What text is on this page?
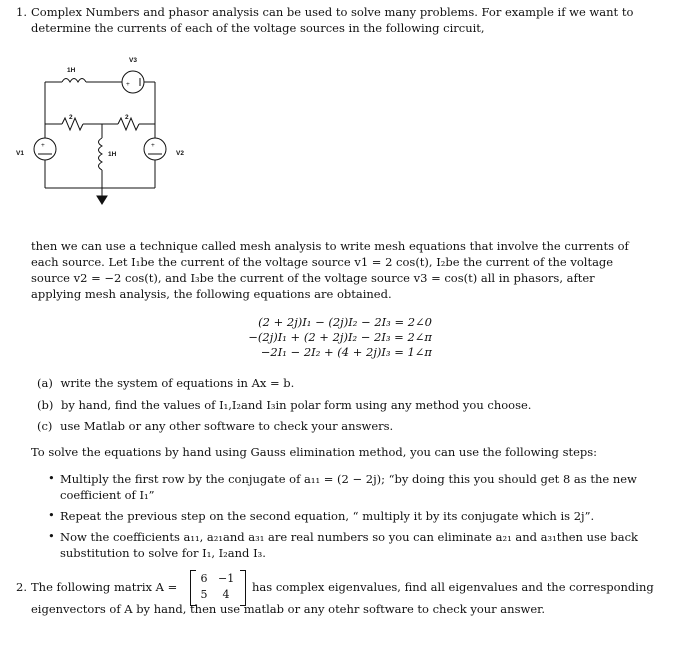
1. Complex Numbers and phasor analysis can be used to solve many problems. For example if we want to determine the currents of each of the voltage sources in the following circuit,
1H
V3
+
2	2
1H
V1
+
V2
+
then we can use a technique called mesh analysis to write mesh equations that involve the currents of each source. Let I₁be the current of the voltage source v1 = 2 cos(t), I₂be the current of the voltage source v2 = −2 cos(t), and I₃be the current of the voltage source v3 = cos(t) all in phasors, after applying mesh analysis, the following equations are obtained.
(2 + 2j)I₁ − (2j)I₂ − 2I₃ = 2∠0
−(2j)I₁ + (2 + 2j)I₂ − 2I₃ = 2∠π
−2I₁ − 2I₂ + (4 + 2j)I₃ = 1∠π
(a) write the system of equations in Ax = b.
(b) by hand, find the values of I₁,I₂and I₃in polar form using any method you choose.
(c) use Matlab or any other software to check your answers.
To solve the equations by hand using Gauss elimination method, you can use the following steps:
• Multiply the first row by the conjugate of a₁₁ = (2 − 2j); “by doing this you should get 8 as the new coefficient of I₁”
• Repeat the previous step on the second equation, “ multiply it by its conjugate which is 2j”.
• Now the coefficients a₁₁, a₂₁and a₃₁ are real numbers so you can eliminate a₂₁ and a₃₁then use back substitution to solve for I₁, I₂and I₃.
2. The following matrix A =
6 −1
5	4
has complex eigenvalues, find all eigenvalues and the corresponding
eigenvectors of A by hand, then use matlab or any otehr software to check your answer.
